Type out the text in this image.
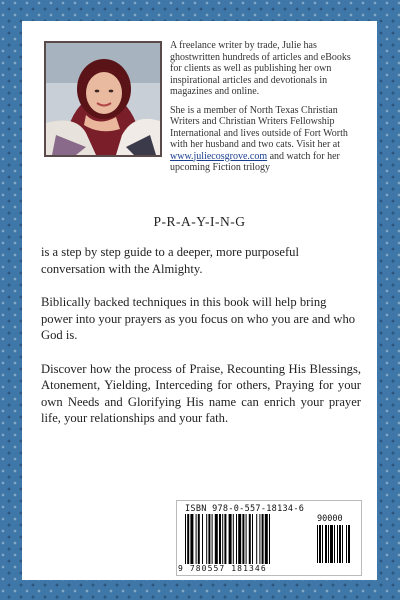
A freelance writer by trade, Julie has ghostwritten hundreds of articles and eBooks for clients as well as publishing her own inspirational articles and devotionals in magazines and online.

She is a member of North Texas Christian Writers and Christian Writers Fellowship International and lives outside of Fort Worth with her husband and two cats. Visit her at www.juliecosgrove.com and watch for her upcoming Fiction trilogy

P-R-A-Y-I-N-G

is a step by step guide to a deeper, more purposeful conversation with the Almighty.

Biblically backed techniques in this book will help bring power into your prayers as you focus on who you are and who God is.

Discover how the process of Praise, Recounting His Blessings, Atonement, Yielding, Interceding for others, Praying for your own Needs and Glorifying His name can enrich your prayer life, your relationships and your fath.

ISBN 978-0-557-18134-6
90000
9 780557 181346
